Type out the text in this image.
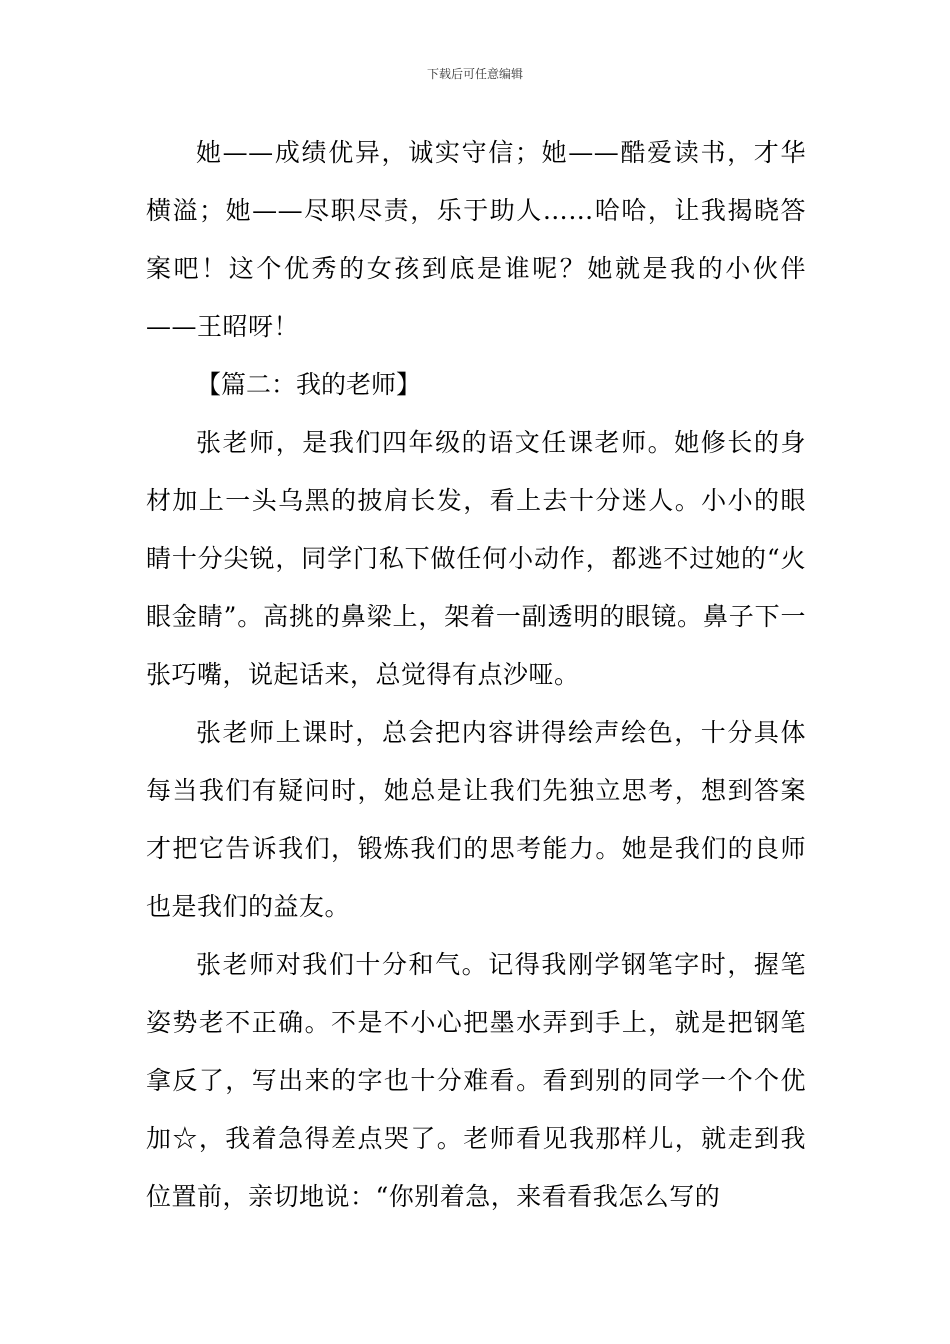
下载后可任意编辑

她——成绩优异，诚实守信；她——酷爱读书，才华横溢；她——尽职尽责，乐于助人……哈哈，让我揭晓答案吧！这个优秀的女孩到底是谁呢？她就是我的小伙伴——王昭呀！

【篇二：我的老师】

张老师，是我们四年级的语文任课老师。她修长的身材加上一头乌黑的披肩长发，看上去十分迷人。小小的眼睛十分尖锐，同学门私下做任何小动作，都逃不过她的“火眼金睛”。高挑的鼻梁上，架着一副透明的眼镜。鼻子下一张巧嘴，说起话来，总觉得有点沙哑。

张老师上课时，总会把内容讲得绘声绘色，十分具体每当我们有疑问时，她总是让我们先独立思考，想到答案才把它告诉我们，锻炼我们的思考能力。她是我们的良师也是我们的益友。

张老师对我们十分和气。记得我刚学钢笔字时，握笔姿势老不正确。不是不小心把墨水弄到手上，就是把钢笔拿反了，写出来的字也十分难看。看到别的同学一个个优加☆，我着急得差点哭了。老师看见我那样儿，就走到我位置前，亲切地说：“你别着急，来看看我怎么写的
